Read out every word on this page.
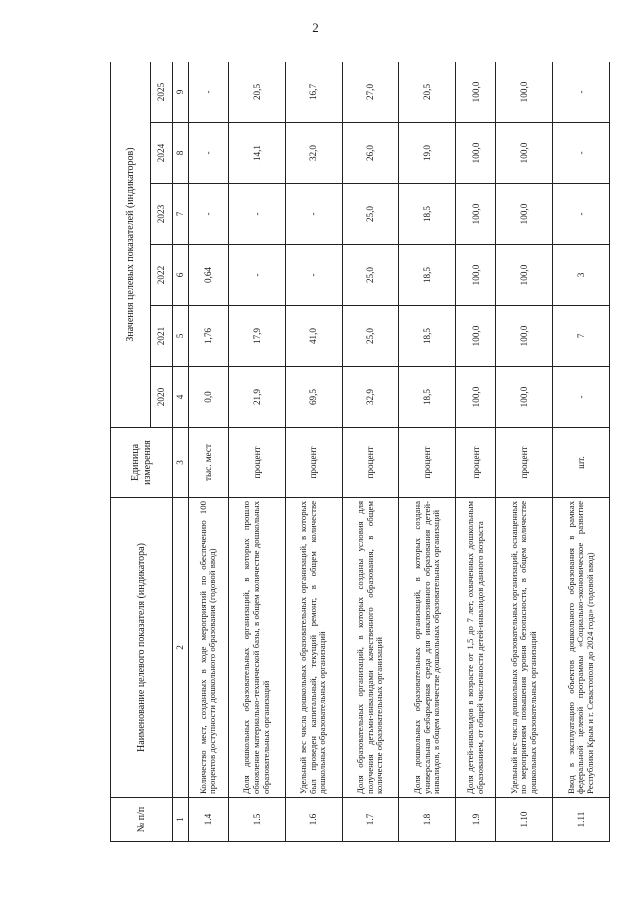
2
№ п/п	Наименование целевого показателя (индикатора)	Единица измерения	Значения целевых показателей (индикаторов)					
			2020	2021	2022	2023	2024	2025
1	2	3	4	5	6	7	8	9
1.4	Количество мест, созданных в ходе мероприятий по обеспечению 100 процентов доступности дошкольного образования (годовой ввод)	тыс. мест	0,0	1,76	0,64	-	-	-
1.5	Доля дошкольных образовательных организаций, в которых прошло обновление материально-технической базы, в общем количестве дошкольных образовательных организаций	процент	21,9	17,9	-	-	14,1	20,5
1.6	Удельный вес числа дошкольных образовательных организаций, в которых был проведен капитальный, текущий ремонт, в общем количестве дошкольных образовательных организаций	процент	69,5	41,0	-	-	32,0	16,7
1.7	Доля образовательных организаций, в которых созданы условия для получения детьми-инвалидами качественного образования, в общем количестве образовательных организаций	процент	32,9	25,0	25,0	25,0	26,0	27,0
1.8	Доля дошкольных образовательных организаций, в которых создана универсальная безбарьерная среда для инклюзивного образования детей-инвалидов, в общем количестве дошкольных образовательных организаций	процент	18,5	18,5	18,5	18,5	19,0	20,5
1.9	Доля детей-инвалидов в возрасте от 1,5 до 7 лет, охваченных дошкольным образованием, от общей численности детей-инвалидов данного возраста	процент	100,0	100,0	100,0	100,0	100,0	100,0
1.10	Удельный вес числа дошкольных образовательных организаций, оснащенных по мероприятиям повышения уровня безопасности, в общем количестве дошкольных образовательных организаций	процент	100,0	100,0	100,0	100,0	100,0	100,0
1.11	Ввод в эксплуатацию объектов дошкольного образования в рамках федеральной целевой программы «Социально-экономическое развитие Республики Крым и г. Севастополя до 2024 года» (годовой ввод)	шт.	-	7	3	-	-	-
